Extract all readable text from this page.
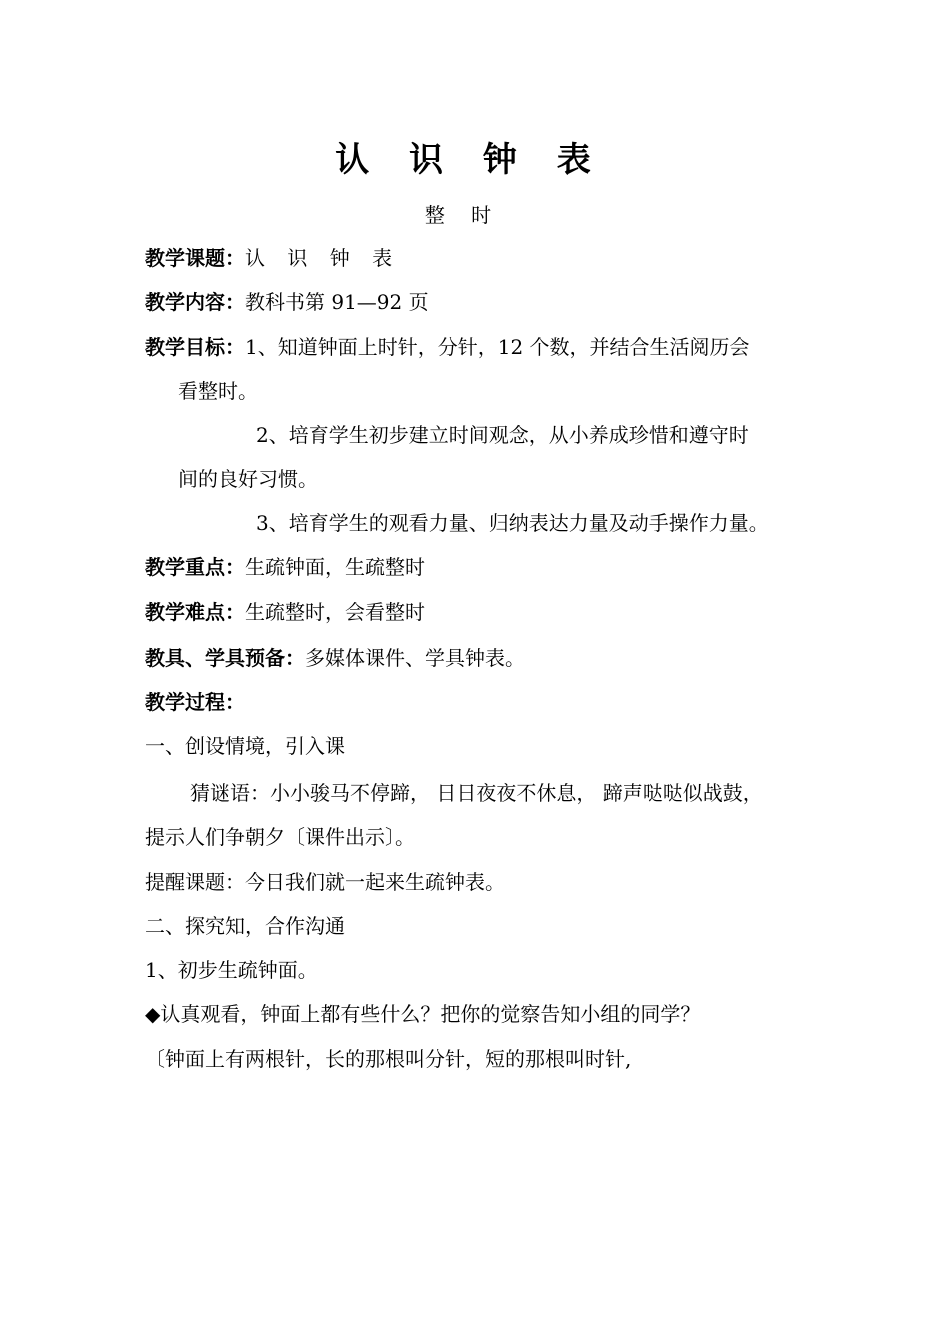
认 识 钟 表
整 时
教学课题：认 识 钟 表
教学内容：教科书第 91—92 页
教学目标：1、知道钟面上时针，分针，12 个数，并结合生活阅历会
看整时。
2、培育学生初步建立时间观念，从小养成珍惜和遵守时
间的良好习惯。
3、培育学生的观看力量、归纳表达力量及动手操作力量。
教学重点：生疏钟面，生疏整时
教学难点：生疏整时，会看整时
教具、学具预备：多媒体课件、学具钟表。
教学过程：
一、创设情境，引入课
猜谜语：小小骏马不停蹄， 日日夜夜不休息， 蹄声哒哒似战鼓，
提示人们争朝夕〔课件出示〕。
提醒课题：今日我们就一起来生疏钟表。
二、探究知，合作沟通
1、初步生疏钟面。
◆认真观看，钟面上都有些什么？把你的觉察告知小组的同学？
〔钟面上有两根针，长的那根叫分针，短的那根叫时针,
